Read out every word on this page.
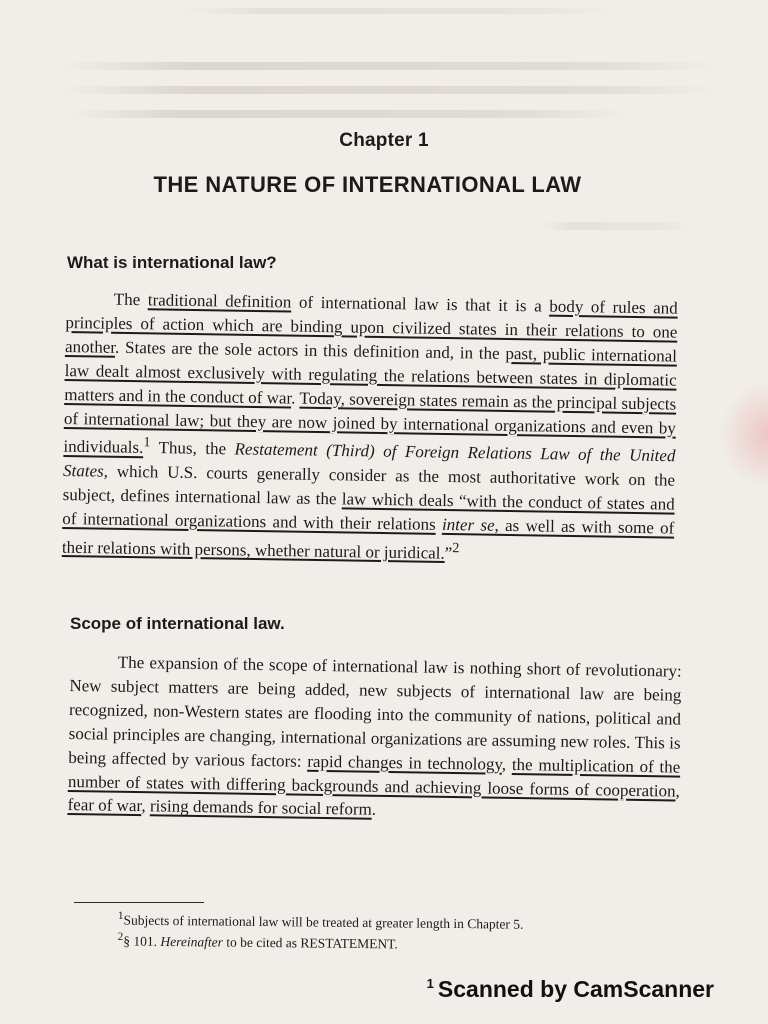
Chapter 1
THE NATURE OF INTERNATIONAL LAW
What is international law?

The traditional definition of international law is that it is a body of rules and principles of action which are binding upon civilized states in their relations to one another. States are the sole actors in this definition and, in the past, public international law dealt almost exclusively with regulating the relations between states in diplomatic matters and in the conduct of war. Today, sovereign states remain as the principal subjects of international law; but they are now joined by international organizations and even by individuals.$^1$ Thus, the Restatement (Third) of Foreign Relations Law of the United States, which U.S. courts generally consider as the most authoritative work on the subject, defines international law as the law which deals “with the conduct of states and of international organizations and with their relations inter se, as well as with some of their relations with persons, whether natural or juridical.”$^2$

Scope of international law.

The expansion of the scope of international law is nothing short of revolutionary: New subject matters are being added, new subjects of international law are being recognized, non-Western states are flooding into the community of nations, political and social principles are changing, international organizations are assuming new roles. This is being affected by various factors: rapid changes in technology, the multiplication of the number of states with differing backgrounds and achieving loose forms of cooperation, fear of war, rising demands for social reform.

$^1$Subjects of international law will be treated at greater length in Chapter 5.
$^2$§ 101. Hereinafter to be cited as RESTATEMENT.
$^1$ Scanned by CamScanner
